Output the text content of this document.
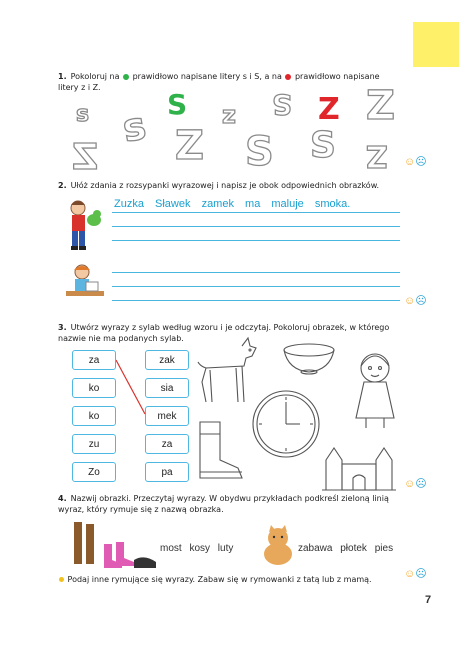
1. Pokoloruj na prawidłowo napisane litery s i S, a na prawidłowo napisane litery z i Z.
s s S z S Z Z
Z Z S S Z ☺☹
2. Ułóż zdania z rozsypanki wyrazowej i napisz je obok odpowiednich obrazków.
Zuzka Sławek zamek ma maluje smoka.
☺☹
3. Utwórz wyrazy z sylab według wzoru i je odczytaj. Pokoloruj obrazek, w którego nazwie nie ma podanych sylab.
za
ko
ko
zu
Zo
zak
sia
mek
za
pa
☺☹
4. Nazwij obrazki. Przeczytaj wyrazy. W obydwu przykładach podkreśl zieloną linią wyraz, który rymuje się z nazwą obrazka.
most kosy luty	zabawa płotek pies
Podaj inne rymujące się wyrazy. Zabaw się w rymowanki z tatą lub z mamą.	☺☹
7
